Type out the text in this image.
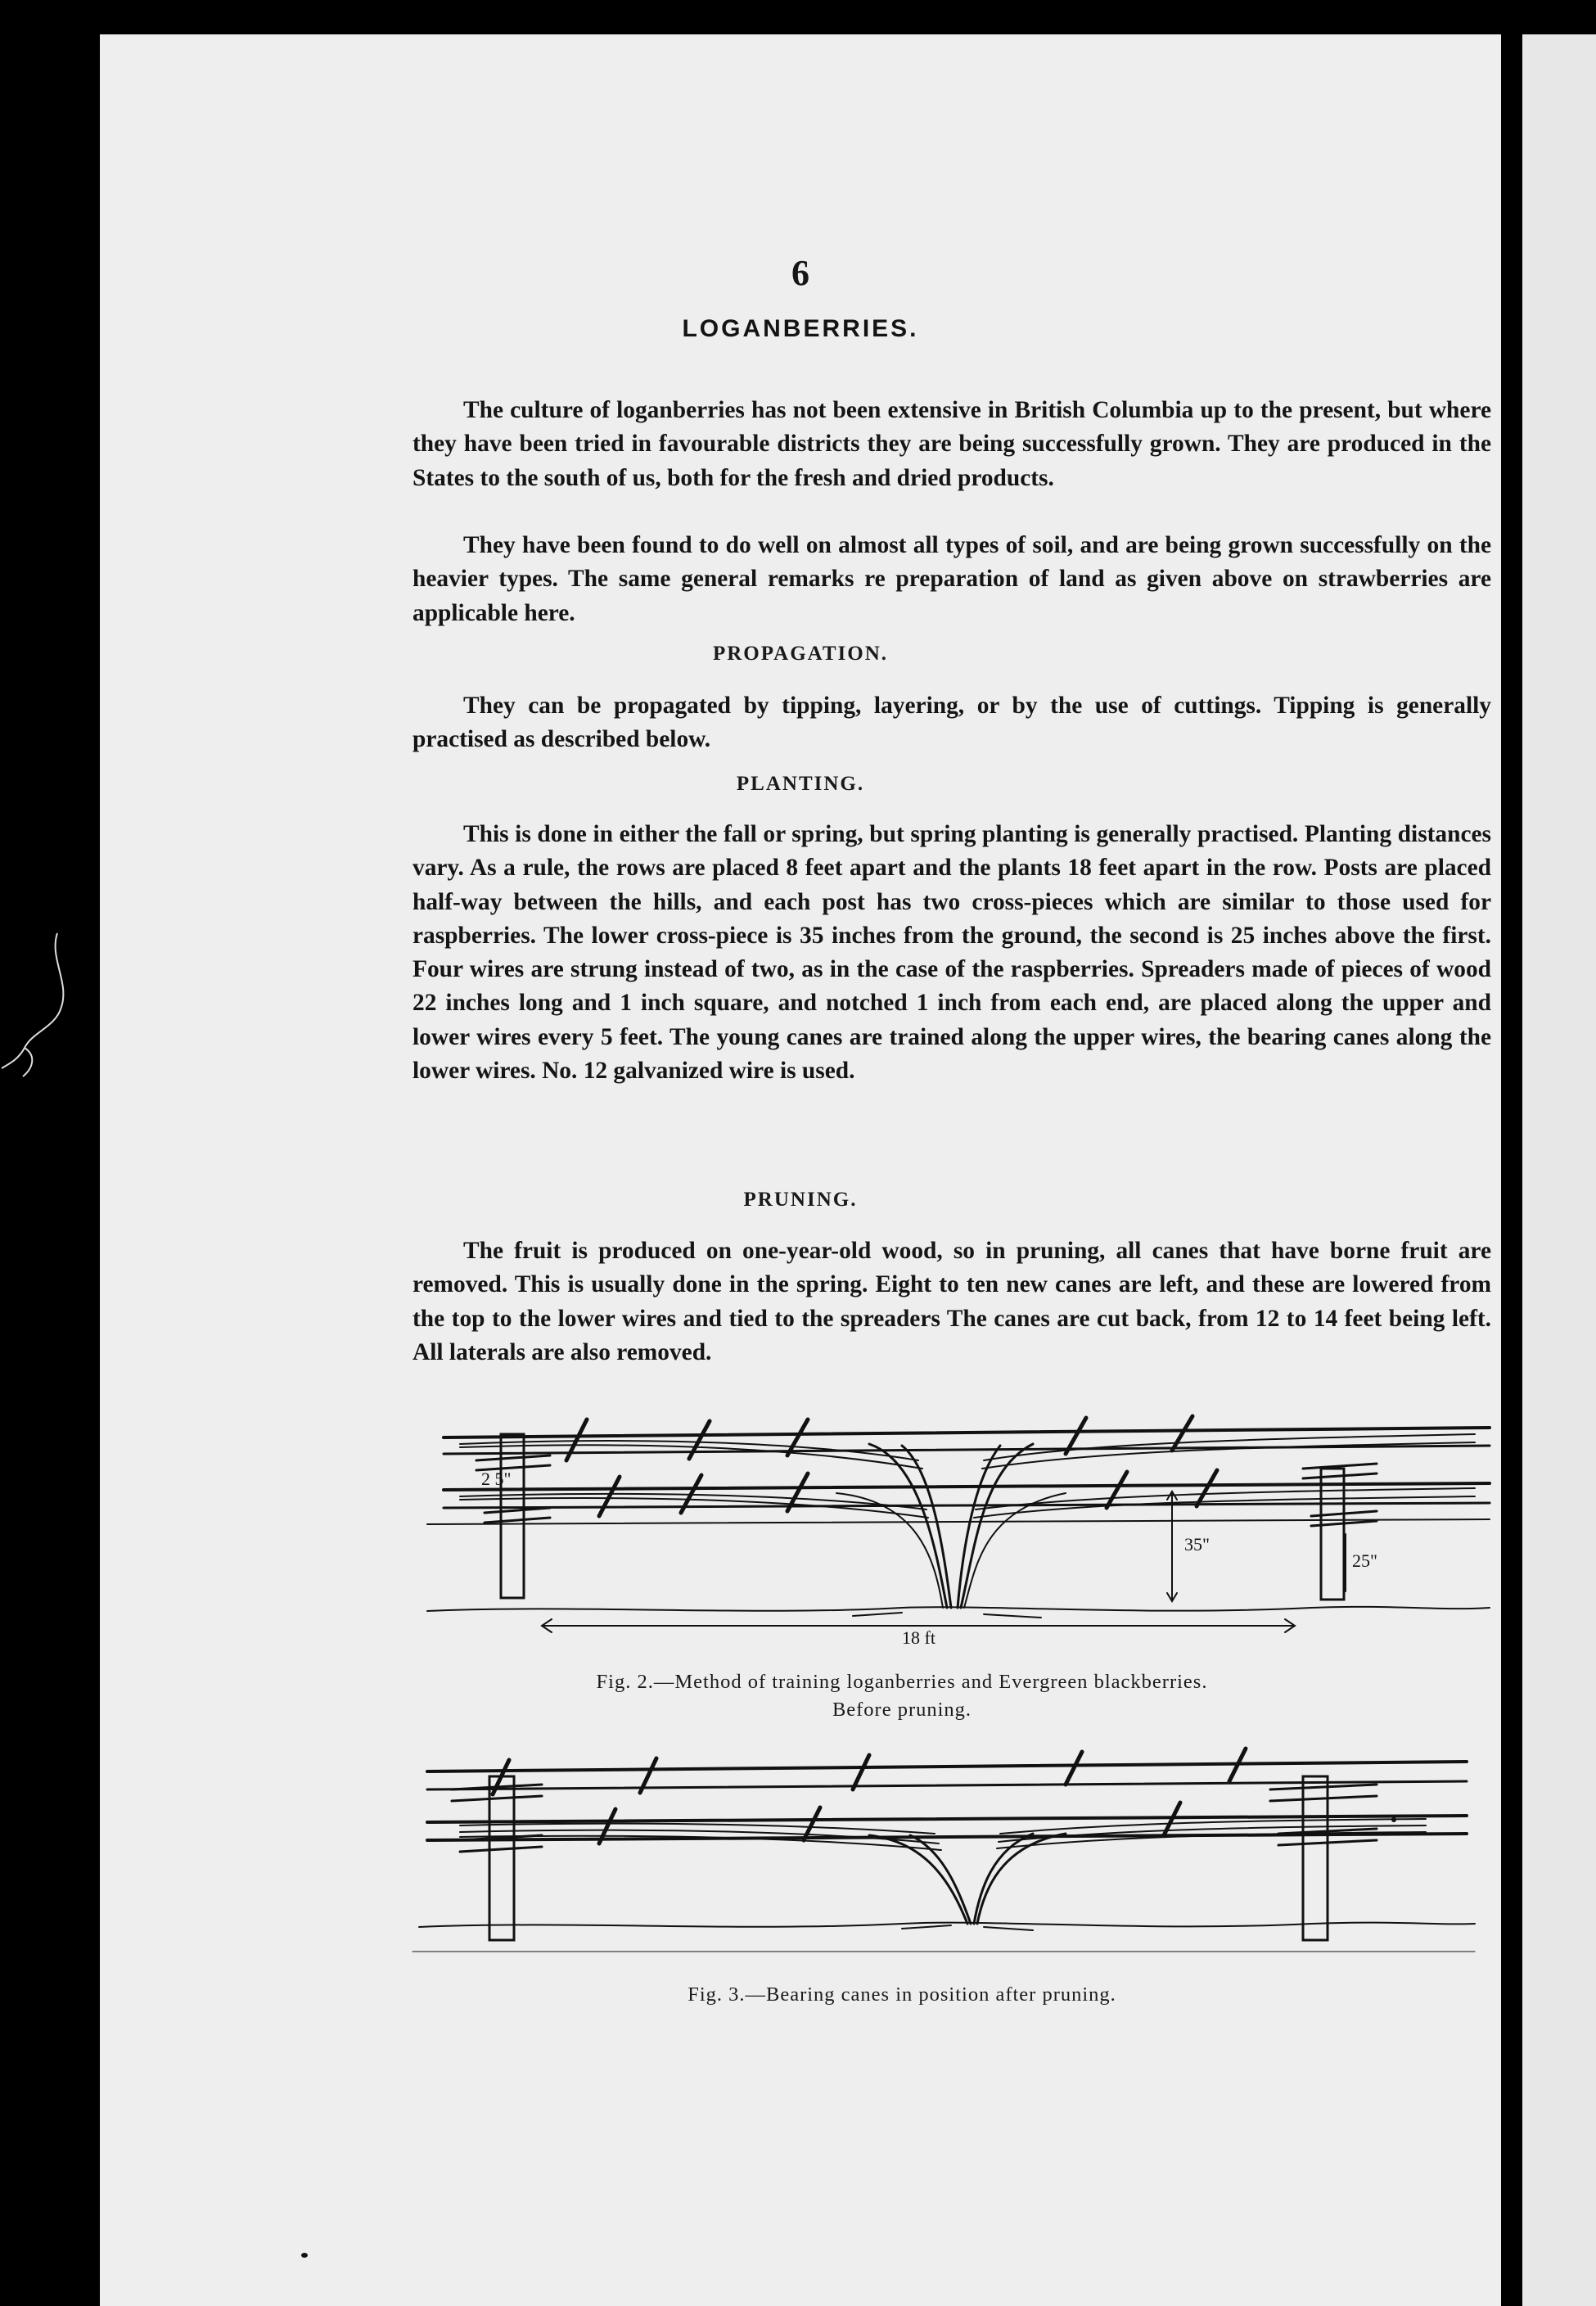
6
LOGANBERRIES.

The culture of loganberries has not been extensive in British Columbia up to the present, but where they have been tried in favourable districts they are being successfully grown. They are produced in the States to the south of us, both for the fresh and dried products.

They have been found to do well on almost all types of soil, and are being grown successfully on the heavier types. The same general remarks re preparation of land as given above on strawberries are applicable here.

PROPAGATION.

They can be propagated by tipping, layering, or by the use of cuttings. Tipping is generally practised as described below.

PLANTING.

This is done in either the fall or spring, but spring planting is generally practised. Planting distances vary. As a rule, the rows are placed 8 feet apart and the plants 18 feet apart in the row. Posts are placed half-way between the hills, and each post has two cross-pieces which are similar to those used for raspberries. The lower cross-piece is 35 inches from the ground, the second is 25 inches above the first. Four wires are strung instead of two, as in the case of the raspberries. Spreaders made of pieces of wood 22 inches long and 1 inch square, and notched 1 inch from each end, are placed along the upper and lower wires every 5 feet. The young canes are trained along the upper wires, the bearing canes along the lower wires. No. 12 galvanized wire is used.

PRUNING.

The fruit is produced on one-year-old wood, so in pruning, all canes that have borne fruit are removed. This is usually done in the spring. Eight to ten new canes are left, and these are lowered from the top to the lower wires and tied to the spreaders The canes are cut back, from 12 to 14 feet being left. All laterals are also removed.

2 5"
35"
25"
18 ft
Fig. 2.—Method of training loganberries and Evergreen blackberries.
Before pruning.
Fig. 3.—Bearing canes in position after pruning.
